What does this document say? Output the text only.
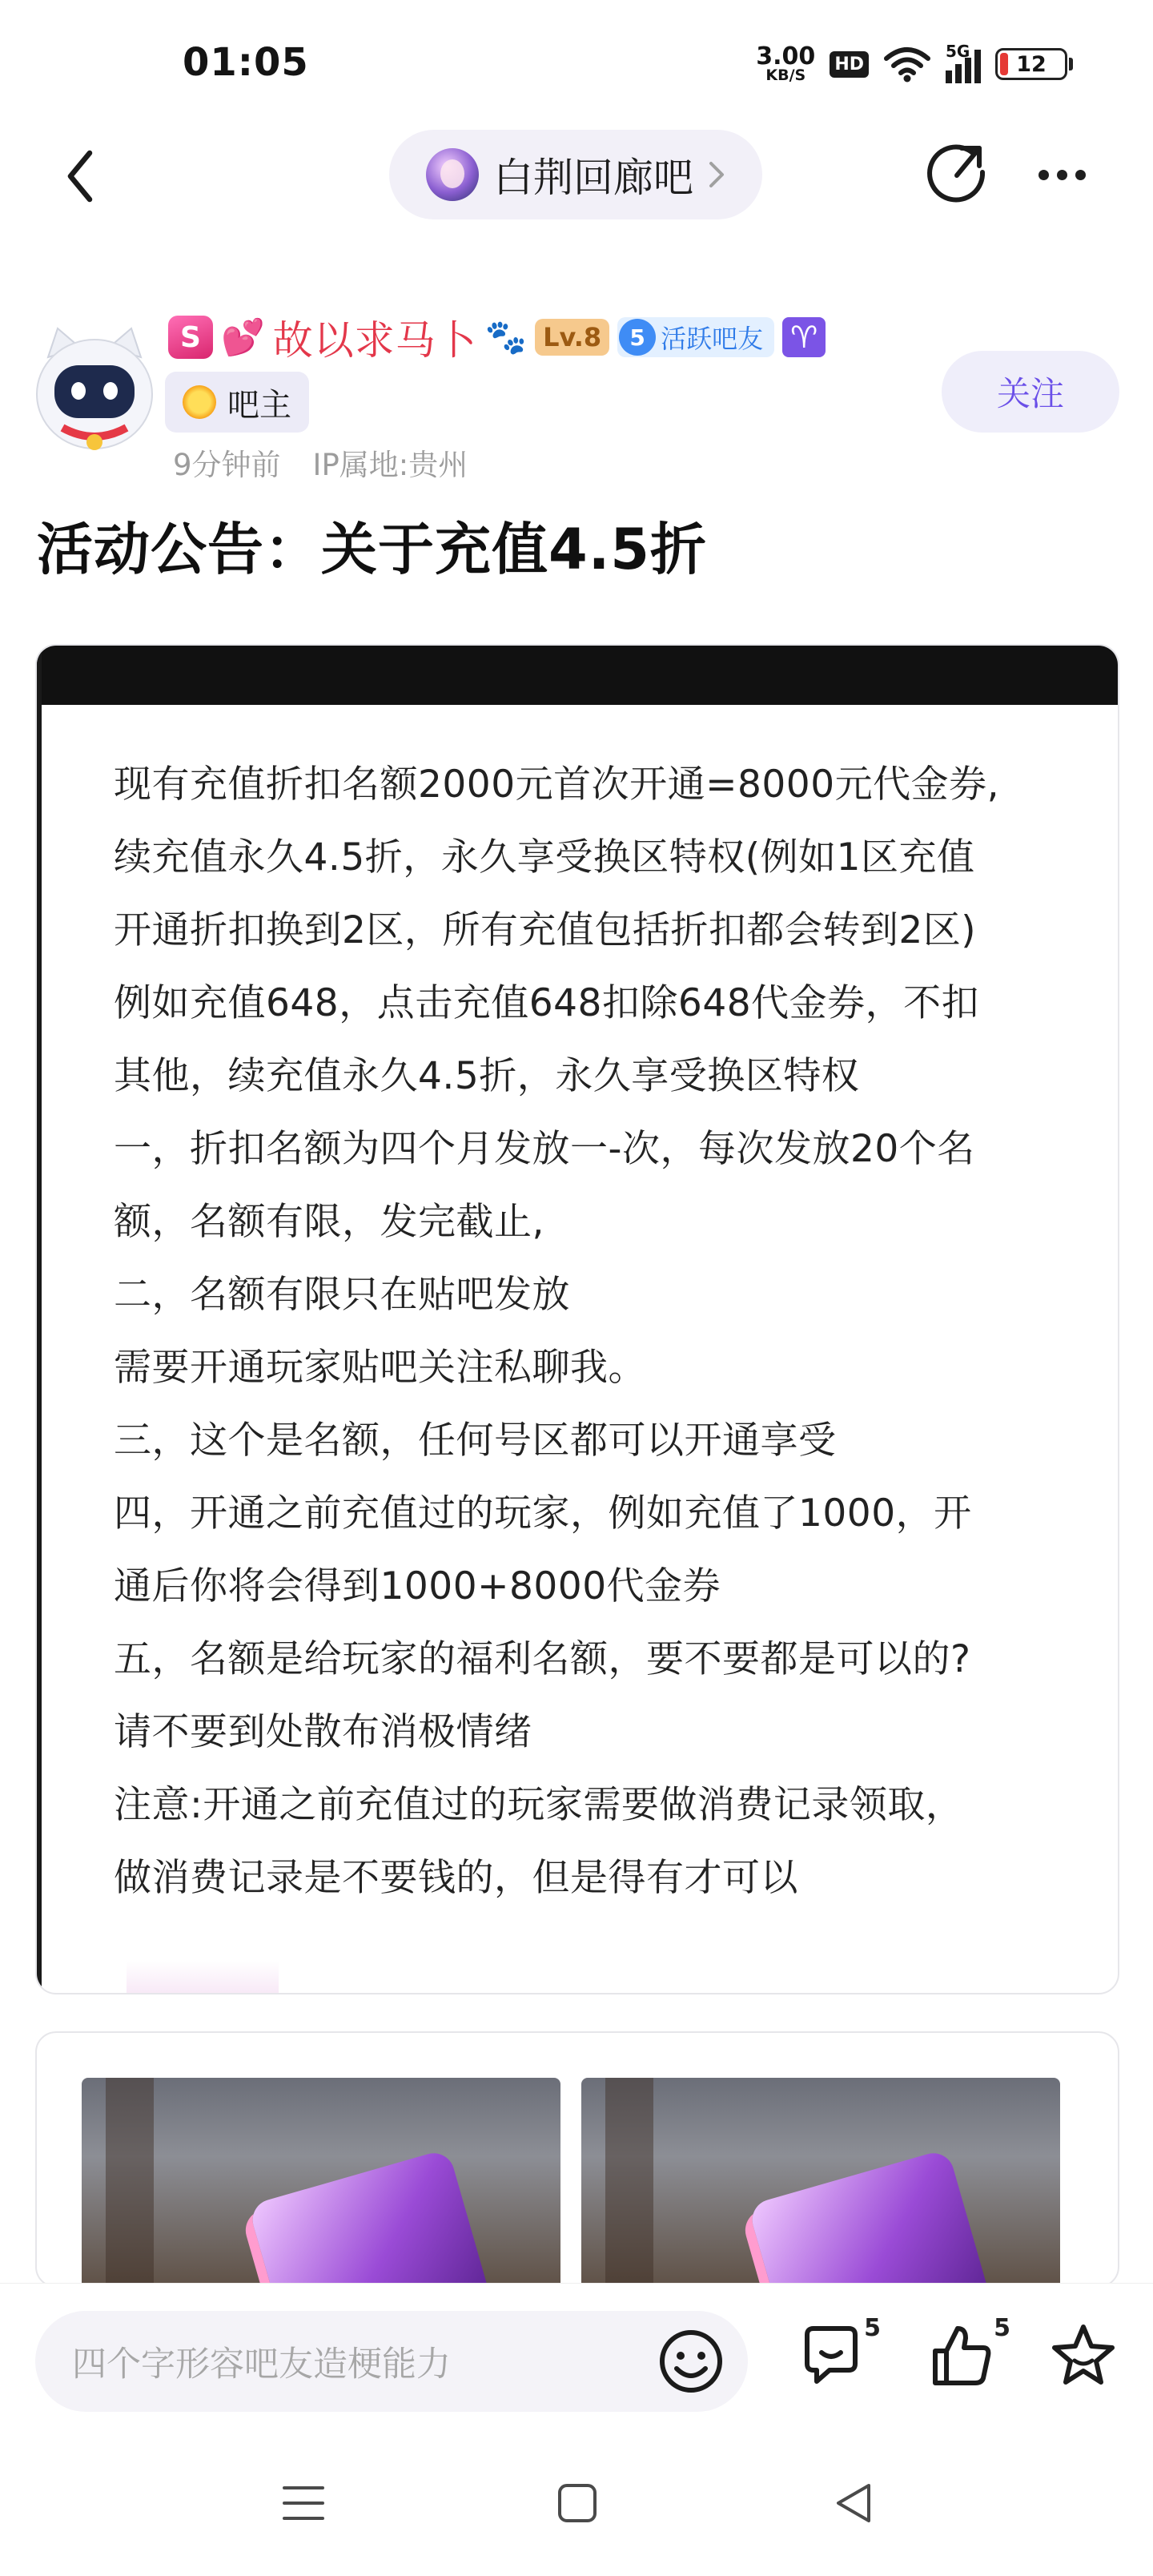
01:05	3.00
KB/S
HD
5G
12
白荆回廊吧
S 💕 故以求马卜 🐾 Lv.8	5 活跃吧友 ♈
吧主
9分钟前 IP属地:贵州
关注
活动公告：关于充值4.5折
现有充值折扣名额2000元首次开通=8000元代金券,
续充值永久4.5折，永久享受换区特权(例如1区充值
开通折扣换到2区，所有充值包括折扣都会转到2区)
例如充值648，点击充值648扣除648代金券，不扣
其他，续充值永久4.5折，永久享受换区特权
一，折扣名额为四个月发放一-次，每次发放20个名
额，名额有限，发完截止,
二，名额有限只在贴吧发放
需要开通玩家贴吧关注私聊我。
三，这个是名额，任何号区都可以开通享受
四，开通之前充值过的玩家，例如充值了1000，开
通后你将会得到1000+8000代金券
五，名额是给玩家的福利名额，要不要都是可以的?
请不要到处散布消极情绪
注意:开通之前充值过的玩家需要做消费记录领取，
做消费记录是不要钱的，但是得有才可以
四个字形容吧友造梗能力
5	5
